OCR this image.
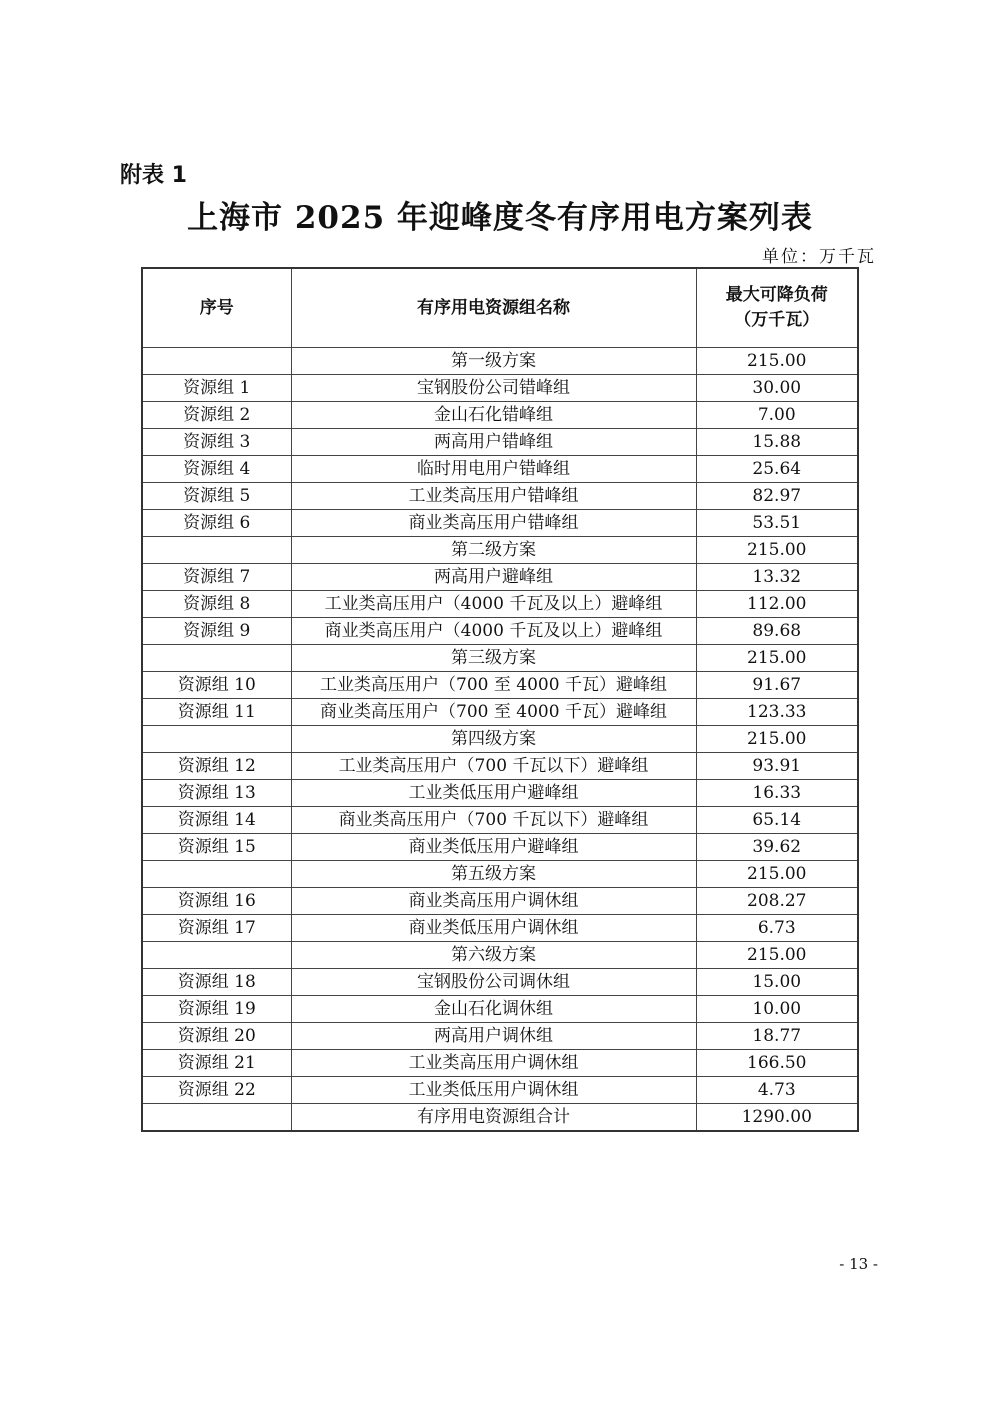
附表 1
上海市 2025 年迎峰度冬有序用电方案列表
单位：万千瓦
序号	有序用电资源组名称	最大可降负荷
（万千瓦）

	第一级方案	215.00
资源组 1	宝钢股份公司错峰组	30.00
资源组 2	金山石化错峰组	7.00
资源组 3	两高用户错峰组	15.88
资源组 4	临时用电用户错峰组	25.64
资源组 5	工业类高压用户错峰组	82.97
资源组 6	商业类高压用户错峰组	53.51
	第二级方案	215.00
资源组 7	两高用户避峰组	13.32
资源组 8	工业类高压用户（4000 千瓦及以上）避峰组	112.00
资源组 9	商业类高压用户（4000 千瓦及以上）避峰组	89.68
	第三级方案	215.00
资源组 10	工业类高压用户（700 至 4000 千瓦）避峰组	91.67
资源组 11	商业类高压用户（700 至 4000 千瓦）避峰组	123.33
	第四级方案	215.00
资源组 12	工业类高压用户（700 千瓦以下）避峰组	93.91
资源组 13	工业类低压用户避峰组	16.33
资源组 14	商业类高压用户（700 千瓦以下）避峰组	65.14
资源组 15	商业类低压用户避峰组	39.62
	第五级方案	215.00
资源组 16	商业类高压用户调休组	208.27
资源组 17	商业类低压用户调休组	6.73
	第六级方案	215.00
资源组 18	宝钢股份公司调休组	15.00
资源组 19	金山石化调休组	10.00
资源组 20	两高用户调休组	18.77
资源组 21	工业类高压用户调休组	166.50
资源组 22	工业类低压用户调休组	4.73
	有序用电资源组合计	1290.00
- 13 -
